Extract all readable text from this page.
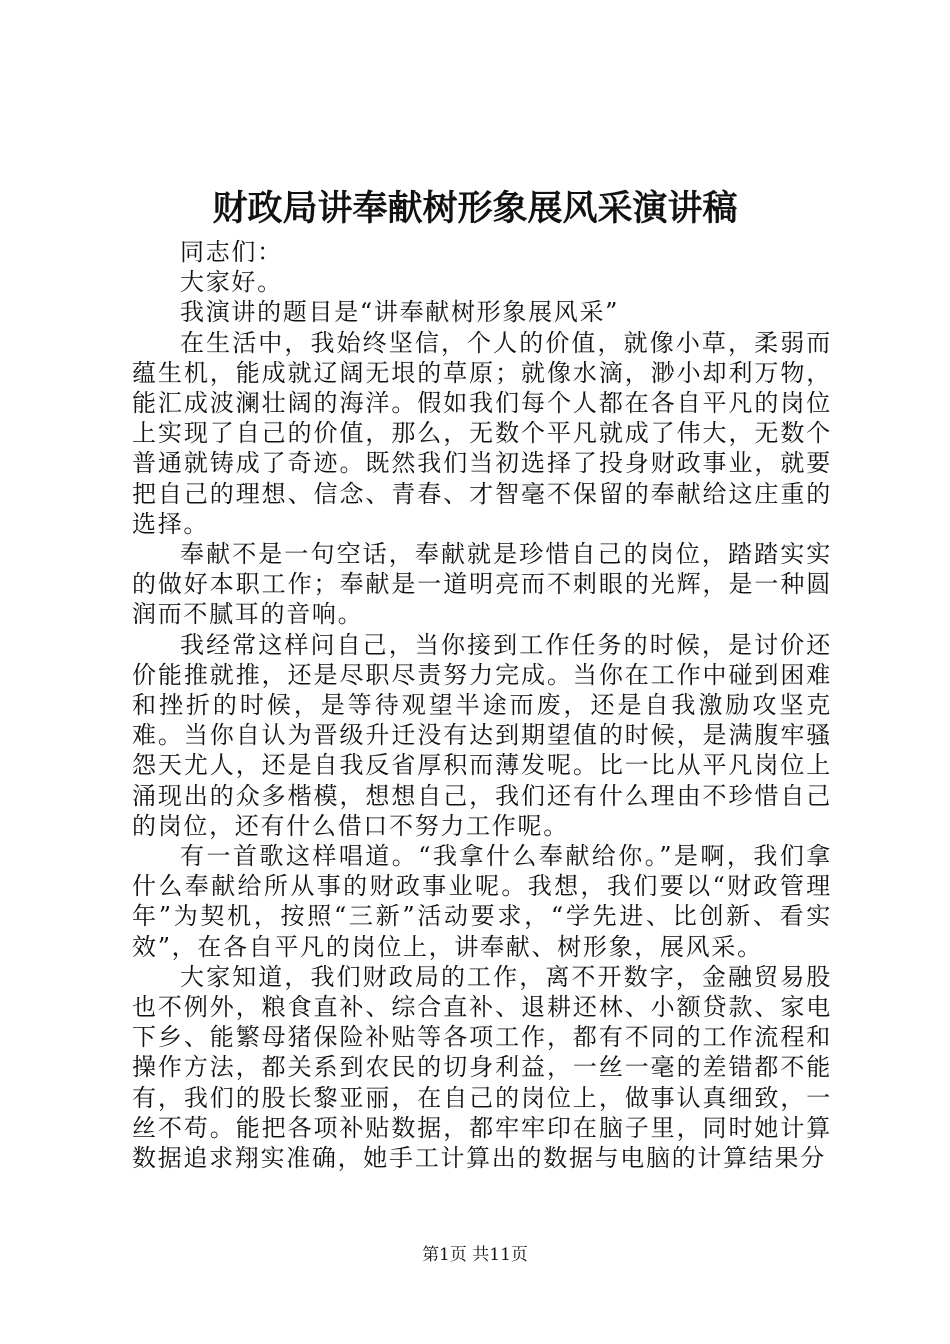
财政局讲奉献树形象展风采演讲稿

同志们：

大家好。

我演讲的题目是“讲奉献树形象展风采”

在生活中，我始终坚信，个人的价值，就像小草，柔弱而蕴生机，能成就辽阔无垠的草原；就像水滴，渺小却利万物，能汇成波澜壮阔的海洋。假如我们每个人都在各自平凡的岗位上实现了自己的价值，那么，无数个平凡就成了伟大，无数个普通就铸成了奇迹。既然我们当初选择了投身财政事业，就要把自己的理想、信念、青春、才智毫不保留的奉献给这庄重的选择。

奉献不是一句空话，奉献就是珍惜自己的岗位，踏踏实实的做好本职工作；奉献是一道明亮而不刺眼的光辉，是一种圆润而不腻耳的音响。

我经常这样问自己，当你接到工作任务的时候，是讨价还价能推就推，还是尽职尽责努力完成。当你在工作中碰到困难和挫折的时候，是等待观望半途而废，还是自我激励攻坚克难。当你自认为晋级升迁没有达到期望值的时候，是满腹牢骚怨天尤人，还是自我反省厚积而薄发呢。比一比从平凡岗位上涌现出的众多楷模，想想自己，我们还有什么理由不珍惜自己的岗位，还有什么借口不努力工作呢。

有一首歌这样唱道。“我拿什么奉献给你。”是啊，我们拿什么奉献给所从事的财政事业呢。我想，我们要以“财政管理年”为契机，按照“三新”活动要求，“学先进、比创新、看实效”，在各自平凡的岗位上，讲奉献、树形象，展风采。

大家知道，我们财政局的工作，离不开数字，金融贸易股也不例外，粮食直补、综合直补、退耕还林、小额贷款、家电下乡、能繁母猪保险补贴等各项工作，都有不同的工作流程和操作方法，都关系到农民的切身利益，一丝一毫的差错都不能有，我们的股长黎亚丽，在自己的岗位上，做事认真细致，一丝不苟。能把各项补贴数据，都牢牢印在脑子里，同时她计算数据追求翔实准确，她手工计算出的数据与电脑的计算结果分

第1页 共11页
